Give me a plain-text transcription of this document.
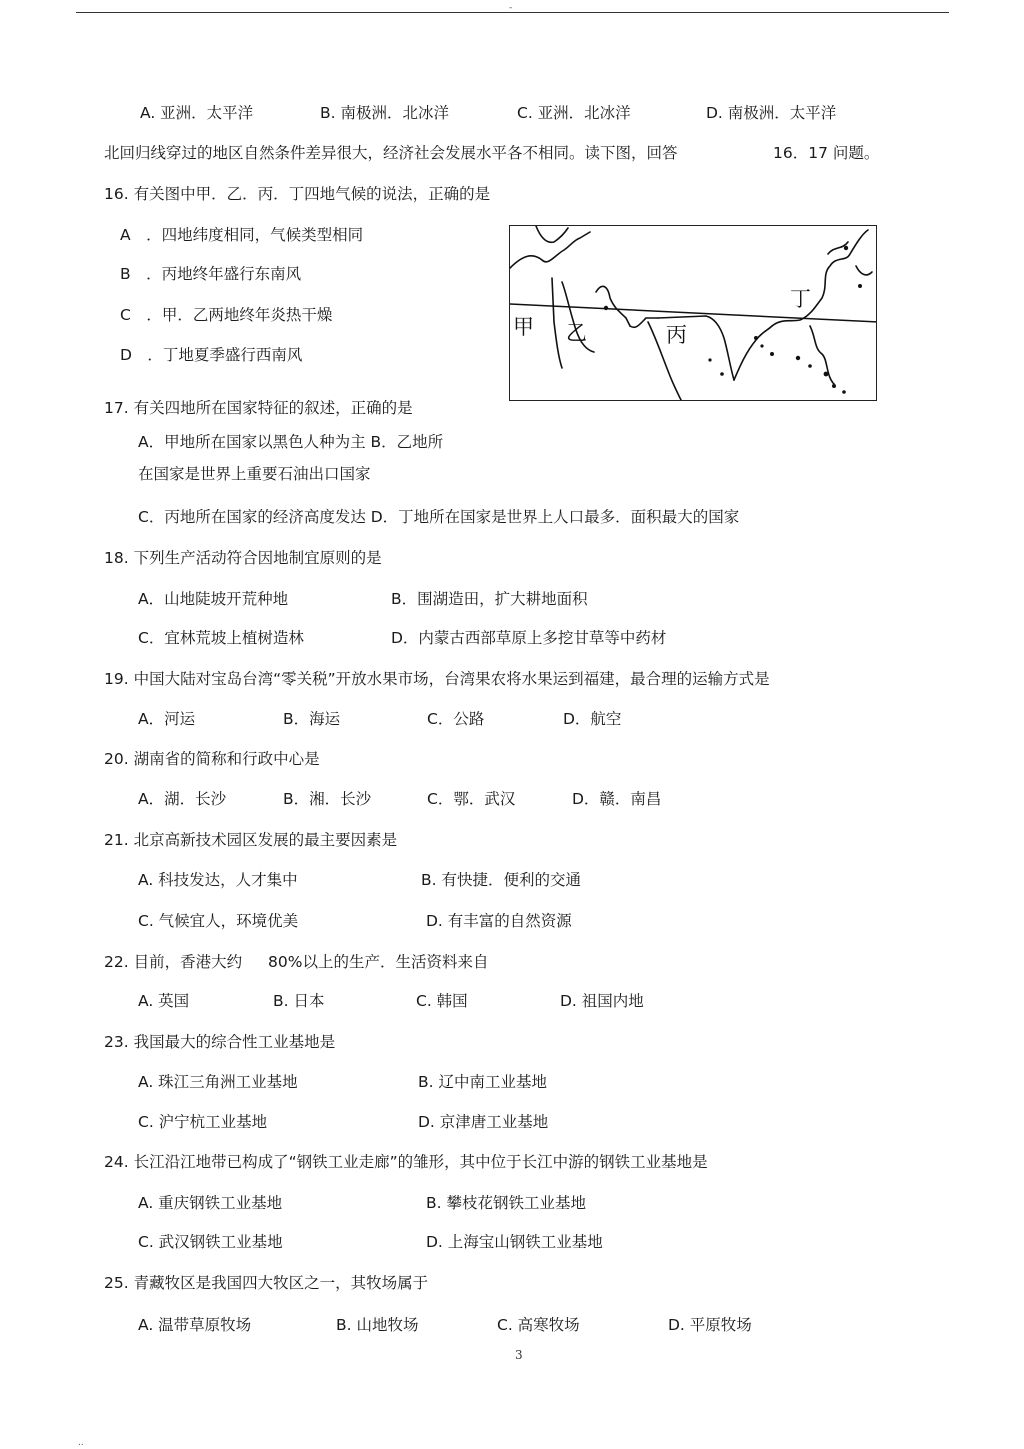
-
A. 亚洲．太平洋	B. 南极洲．北冰洋	C. 亚洲．北冰洋	D. 南极洲．太平洋
北回归线穿过的地区自然条件差异很大，经济社会发展水平各不相同。读下图，回答	16．17 问题。
16. 有关图中甲．乙．丙．丁四地气候的说法，正确的是
A　．四地纬度相同，气候类型相同
B　．丙地终年盛行东南风
C　．甲．乙两地终年炎热干燥
D　．丁地夏季盛行西南风
甲 乙	丙
丁
17. 有关四地所在国家特征的叙述，正确的是
A．甲地所在国家以黑色人种为主 B．乙地所
在国家是世界上重要石油出口国家
C．丙地所在国家的经济高度发达 D．丁地所在国家是世界上人口最多．面积最大的国家
18. 下列生产活动符合因地制宜原则的是
A．山地陡坡开荒种地	B．围湖造田，扩大耕地面积
C．宜林荒坡上植树造林	D．内蒙古西部草原上多挖甘草等中药材
19. 中国大陆对宝岛台湾“零关税”开放水果市场，台湾果农将水果运到福建，最合理的运输方式是
A．河运	B．海运	C．公路	D．航空
20. 湖南省的简称和行政中心是
A．湖．长沙	B．湘．长沙	C．鄂．武汉	D．赣．南昌
21. 北京高新技术园区发展的最主要因素是
A. 科技发达，人才集中	B. 有快捷．便利的交通
C. 气候宜人，环境优美	D. 有丰富的自然资源
22. 目前，香港大约 80%以上的生产．生活资料来自
A. 英国	B. 日本	C. 韩国	D. 祖国内地
23. 我国最大的综合性工业基地是
A. 珠江三角洲工业基地	B. 辽中南工业基地
C. 沪宁杭工业基地	D. 京津唐工业基地
24. 长江沿江地带已构成了“钢铁工业走廊”的雏形，其中位于长江中游的钢铁工业基地是
A. 重庆钢铁工业基地	B. 攀枝花钢铁工业基地
C. 武汉钢铁工业基地	D. 上海宝山钢铁工业基地
25. 青藏牧区是我国四大牧区之一，其牧场属于
A. 温带草原牧场	B. 山地牧场	C. 高寒牧场	D. 平原牧场
3
..
